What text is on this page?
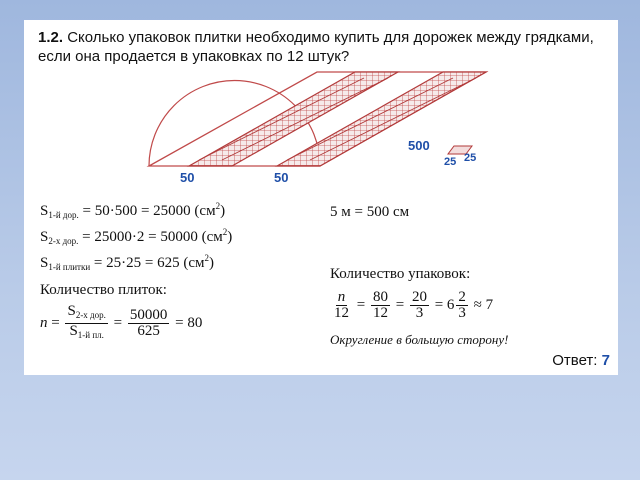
1.2. Сколько упаковок плитки необходимо купить для дорожек между грядками, если она продается в упаковках по 12 штук?
500
50	50
25 25
$S_{1-й дор.} = 50\cdot 500 = 25000$ $(см^2)$
$S_{2-х дор.} = 25000\cdot 2 = 50000$ $(см^2)$
$S_{1-й плитки} = 25\cdot 25 = 625$ $(см^2)$
5 м = 500 см
Количество плиток:
$n = \frac{S_{2-х дор.}}{S_{1-й пл.}} = \frac{50000}{625} = 80$
Количество упаковок:
$\frac{n}{12} = \frac{80}{12} = \frac{20}{3} = 6 \frac{2}{3} \approx 7$
Округление в большую сторону!
Ответ: 7
